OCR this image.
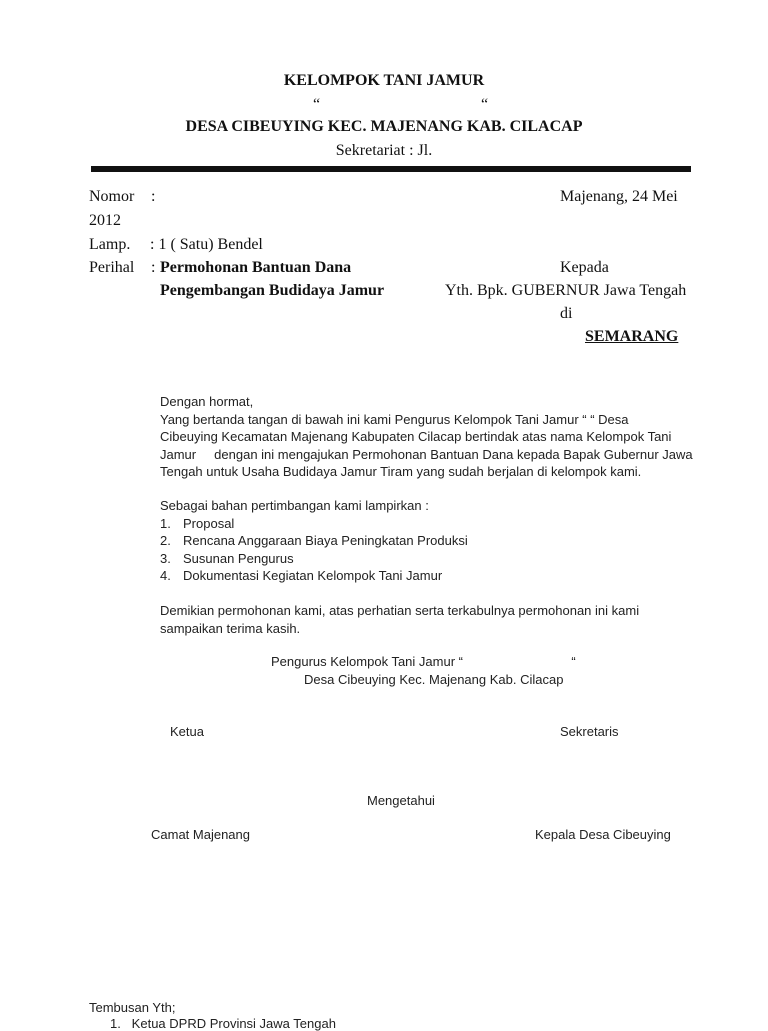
KELOMPOK TANI JAMUR
“	“
DESA CIBEUYING KEC. MAJENANG KAB. CILACAP
Sekretariat : Jl.
Nomor :
2012
Majenang, 24 Mei
Lamp. : 1 ( Satu) Bendel
Perihal : Permohonan Bantuan Dana
Pengembangan Budidaya Jamur
Kepada
Yth. Bpk. GUBERNUR Jawa Tengah
di
SEMARANG

Dengan hormat,

Yang bertanda tangan di bawah ini kami Pengurus Kelompok Tani Jamur “ “ Desa

Cibeuying Kecamatan Majenang Kabupaten Cilacap bertindak atas nama Kelompok Tani

Jamur     dengan ini mengajukan Permohonan Bantuan Dana kepada Bapak Gubernur Jawa

Tengah untuk Usaha Budidaya Jamur Tiram yang sudah berjalan di kelompok kami.

Sebagai bahan pertimbangan kami lampirkan :

1. Proposal

2. Rencana Anggaraan Biaya Peningkatan Produksi

3. Susunan Pengurus

4. Dokumentasi Kegiatan Kelompok Tani Jamur

Demikian permohonan kami, atas perhatian serta terkabulnya permohonan ini kami

sampaikan terima kasih.

Pengurus Kelompok Tani Jamur “                              “
Desa Cibeuying Kec. Majenang Kab. Cilacap
Ketua	Sekretaris
Mengetahui
Camat Majenang	Kepala Desa Cibeuying
Tembusan Yth;
1.   Ketua DPRD Provinsi Jawa Tengah
